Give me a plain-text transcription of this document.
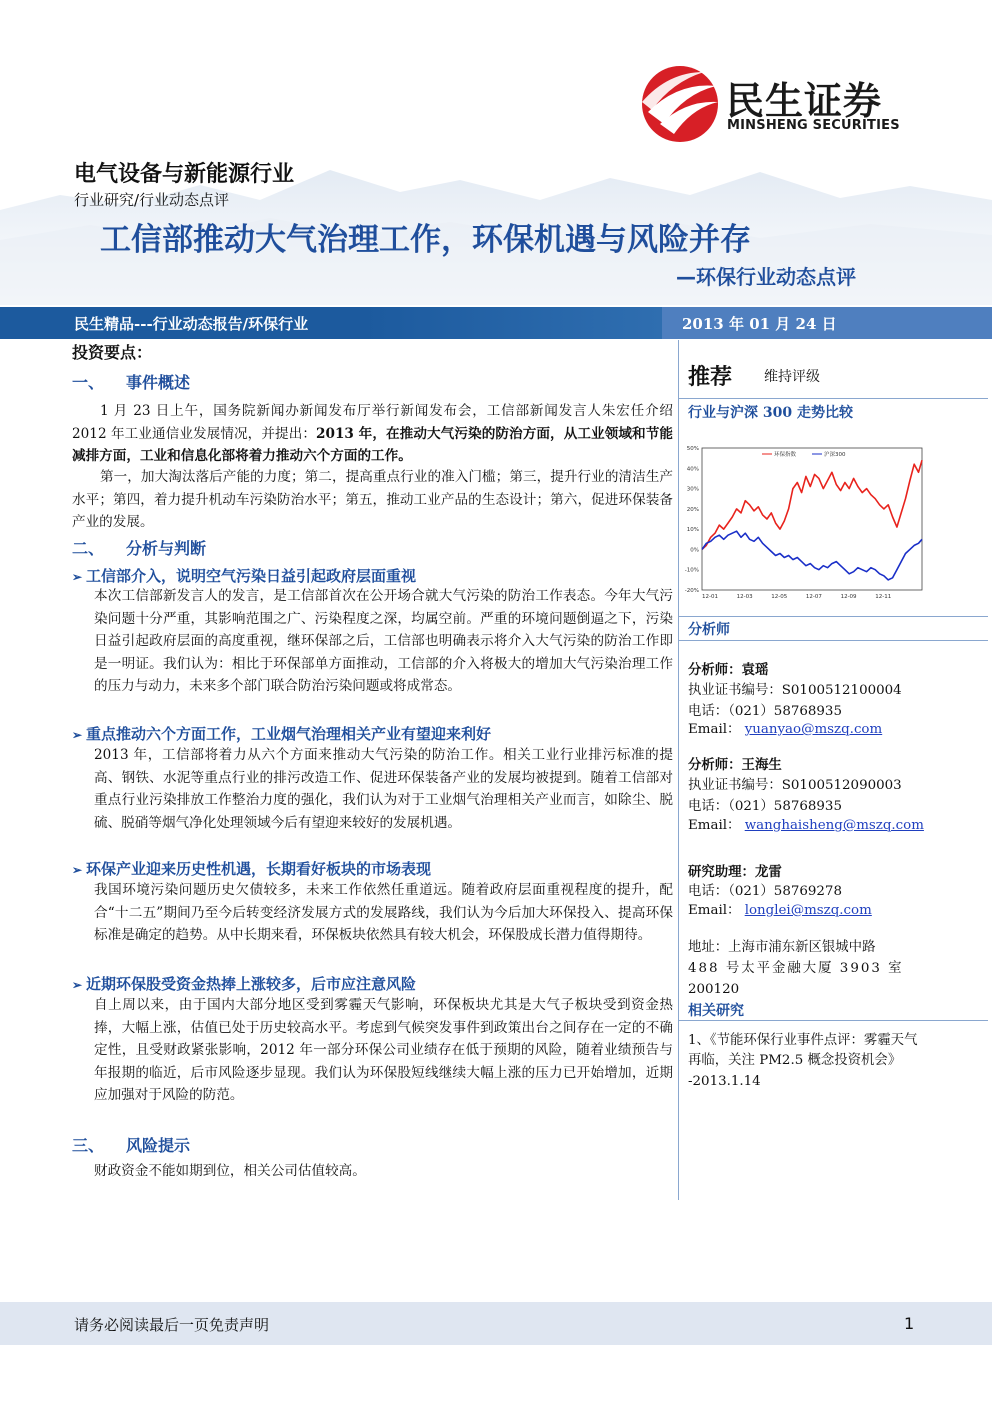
民生证券
MINSHENG SECURITIES
电气设备与新能源行业
行业研究/行业动态点评
工信部推动大气治理工作，环保机遇与风险并存
—环保行业动态点评
民生精品---行业动态报告/环保行业	2013 年 01 月 24 日
投资要点：
一、 事件概述
1 月 23 日上午，国务院新闻办新闻发布厅举行新闻发布会，工信部新闻发言人朱宏任介绍 2012 年工业通信业发展情况，并提出：2013 年，在推动大气污染的防治方面，从工业领域和节能减排方面，工业和信息化部将着力推动六个方面的工作。
第一，加大淘汰落后产能的力度；第二，提高重点行业的准入门槛；第三，提升行业的清洁生产水平；第四，着力提升机动车污染防治水平；第五，推动工业产品的生态设计；第六，促进环保装备产业的发展。
二、 分析与判断
➢ 工信部介入，说明空气污染日益引起政府层面重视
本次工信部新发言人的发言，是工信部首次在公开场合就大气污染的防治工作表态。今年大气污染问题十分严重，其影响范围之广、污染程度之深，均属空前。严重的环境问题倒逼之下，污染日益引起政府层面的高度重视，继环保部之后，工信部也明确表示将介入大气污染的防治工作即是一明证。我们认为：相比于环保部单方面推动，工信部的介入将极大的增加大气污染治理工作的压力与动力，未来多个部门联合防治污染问题或将成常态。
➢ 重点推动六个方面工作，工业烟气治理相关产业有望迎来利好
2013 年，工信部将着力从六个方面来推动大气污染的防治工作。相关工业行业排污标准的提高、钢铁、水泥等重点行业的排污改造工作、促进环保装备产业的发展均被提到。随着工信部对重点行业污染排放工作整治力度的强化，我们认为对于工业烟气治理相关产业而言，如除尘、脱硫、脱硝等烟气净化处理领域今后有望迎来较好的发展机遇。
➢ 环保产业迎来历史性机遇，长期看好板块的市场表现
我国环境污染问题历史欠债较多，未来工作依然任重道远。随着政府层面重视程度的提升，配合“十二五”期间乃至今后转变经济发展方式的发展路线，我们认为今后加大环保投入、提高环保标准是确定的趋势。从中长期来看，环保板块依然具有较大机会，环保股成长潜力值得期待。
➢ 近期环保股受资金热捧上涨较多，后市应注意风险
自上周以来，由于国内大部分地区受到雾霾天气影响，环保板块尤其是大气子板块受到资金热捧，大幅上涨，估值已处于历史较高水平。考虑到气候突发事件到政策出台之间存在一定的不确定性，且受财政紧张影响，2012 年一部分环保公司业绩存在低于预期的风险，随着业绩预告与年报期的临近，后市风险逐步显现。我们认为环保股短线继续大幅上涨的压力已开始增加，近期应加强对于风险的防范。
三、 风险提示
财政资金不能如期到位，相关公司估值较高。
推荐 维持评级
行业与沪深 300 走势比较
50%
40%
30%
20%
10%
0%
-10%
-20%
12-01	12-03	12-05	12-07	12-09	12-11
环保指数	沪深300
分析师
分析师：袁瑶
执业证书编号：S0100512100004
电话：（021）58768935
Email： yuanyao@mszq.com
分析师：王海生
执业证书编号：S0100512090003
电话：（021）58768935
Email： wanghaisheng@mszq.com
研究助理：龙雷
电话：（021）58769278
Email： longlei@mszq.com
地址：上海市浦东新区银城中路
488 号太平金融大厦 3903 室
200120
相关研究
1、《节能环保行业事件点评：雾霾天气
再临，关注 PM2.5 概念投资机会》
-2013.1.14
请务必阅读最后一页免责声明	1
